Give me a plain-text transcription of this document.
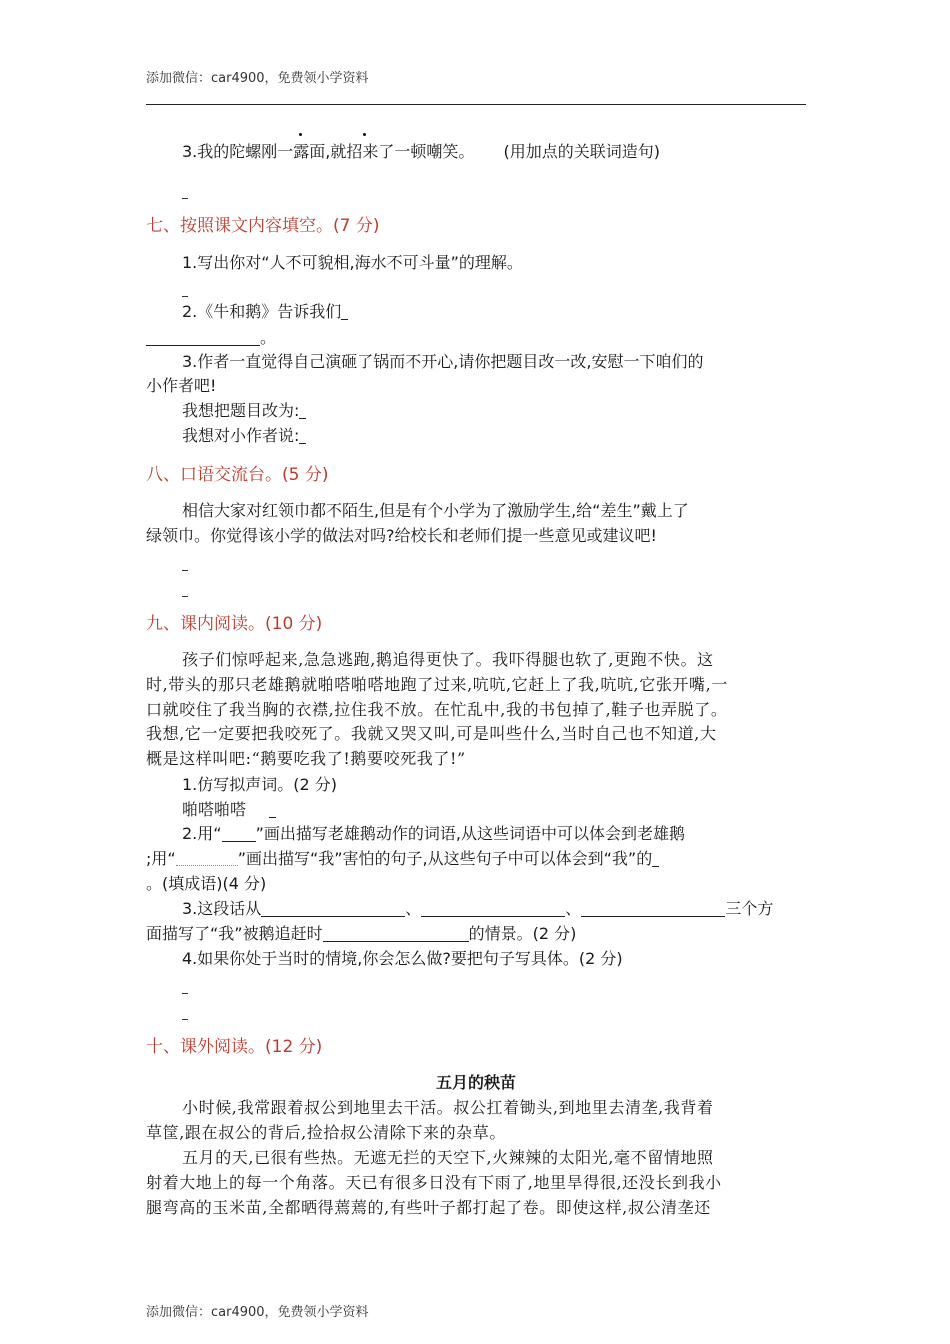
添加微信：car4900，免费领小学资料
3.我的陀螺刚一露面,就招来了一顿嘲笑。 (用加点的关联词造句)
七、按照课文内容填空。(7 分)
1.写出你对“人不可貌相,海水不可斗量”的理解。
2.《牛和鹅》告诉我们
。
3.作者一直觉得自己演砸了锅而不开心,请你把题目改一改,安慰一下咱们的
小作者吧!
我想把题目改为:
我想对小作者说:
八、口语交流台。(5 分)
相信大家对红领巾都不陌生,但是有个小学为了激励学生,给“差生”戴上了
绿领巾。你觉得该小学的做法对吗?给校长和老师们提一些意见或建议吧!
九、课内阅读。(10 分)
孩子们惊呼起来,急急逃跑,鹅追得更快了。我吓得腿也软了,更跑不快。这
时,带头的那只老雄鹅就啪嗒啪嗒地跑了过来,吭吭,它赶上了我,吭吭,它张开嘴,一
口就咬住了我当胸的衣襟,拉住我不放。在忙乱中,我的书包掉了,鞋子也弄脱了。
我想,它一定要把我咬死了。我就又哭又叫,可是叫些什么,当时自己也不知道,大
概是这样叫吧:“鹅要吃我了!鹅要咬死我了!”
1.仿写拟声词。(2 分)
啪嗒啪嗒
2.用“ ”画出描写老雄鹅动作的词语,从这些词语中可以体会到老雄鹅
;用“	”画出描写“我”害怕的句子,从这些句子中可以体会到“我”的
。(填成语)(4 分)
3.这段话从	、	、	三个方
面描写了“我”被鹅追赶时	的情景。(2 分)
4.如果你处于当时的情境,你会怎么做?要把句子写具体。(2 分)
十、课外阅读。(12 分)
五月的秧苗
小时候,我常跟着叔公到地里去干活。叔公扛着锄头,到地里去清垄,我背着
草筐,跟在叔公的背后,捡拾叔公清除下来的杂草。
五月的天,已很有些热。无遮无拦的天空下,火辣辣的太阳光,毫不留情地照
射着大地上的每一个角落。天已有很多日没有下雨了,地里旱得很,还没长到我小
腿弯高的玉米苗,全都晒得蔫蔫的,有些叶子都打起了卷。即使这样,叔公清垄还
添加微信：car4900，免费领小学资料
